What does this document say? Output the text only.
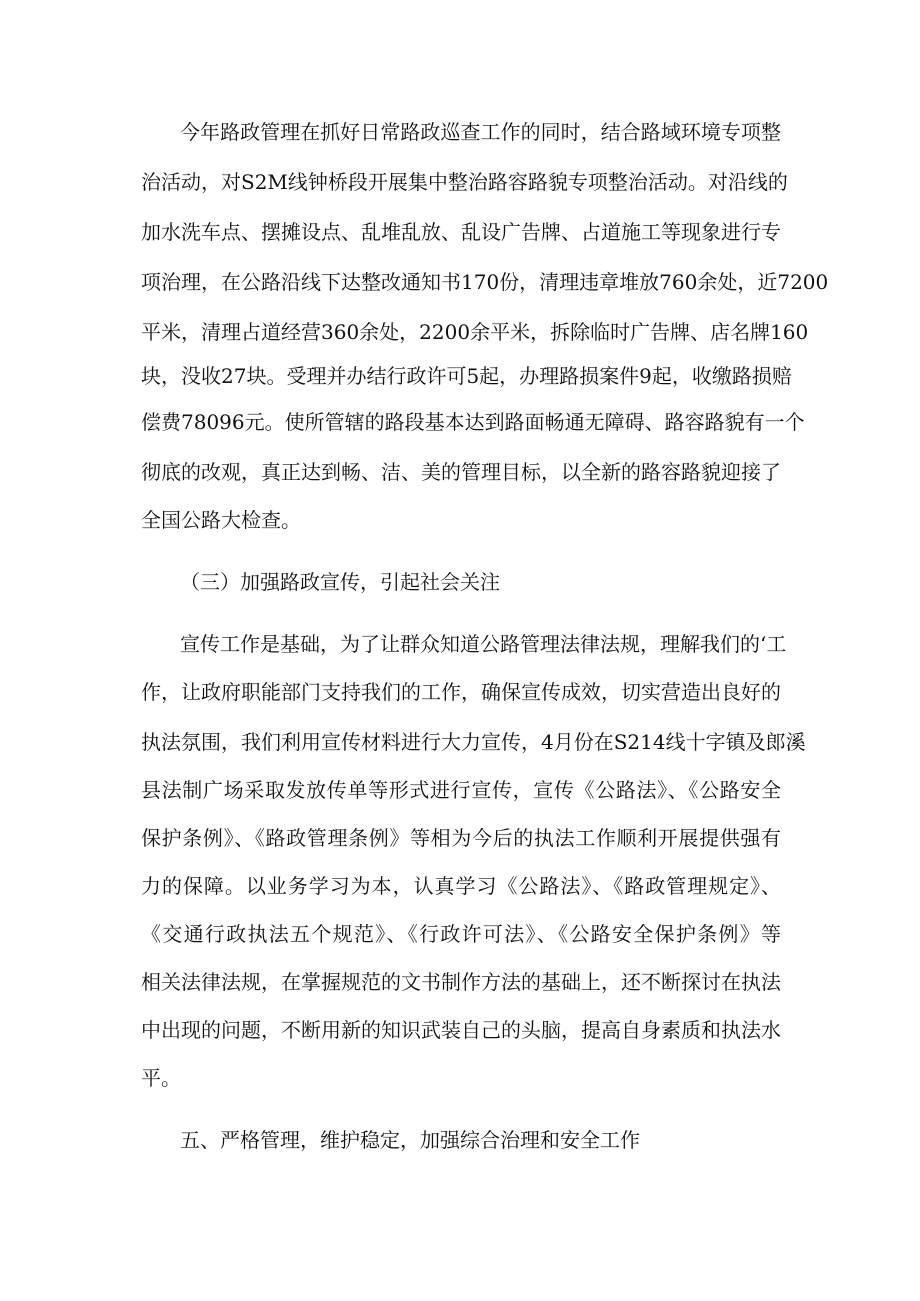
今年路政管理在抓好日常路政巡查工作的同时，结合路域环境专项整
治活动，对S2M线钟桥段开展集中整治路容路貌专项整治活动。对沿线的
加水洗车点、摆摊设点、乱堆乱放、乱设广告牌、占道施工等现象进行专
项治理，在公路沿线下达整改通知书170份，清理违章堆放760余处，近7200
平米，清理占道经营360余处，2200余平米，拆除临时广告牌、店名牌160
块，没收27块。受理并办结行政许可5起，办理路损案件9起，收缴路损赔
偿费78096元。使所管辖的路段基本达到路面畅通无障碍、路容路貌有一个
彻底的改观，真正达到畅、洁、美的管理目标，以全新的路容路貌迎接了
全国公路大检查。
（三）加强路政宣传，引起社会关注
宣传工作是基础，为了让群众知道公路管理法律法规，理解我们的‘工
作，让政府职能部门支持我们的工作，确保宣传成效，切实营造出良好的
执法氛围，我们利用宣传材料进行大力宣传，4月份在S214线十字镇及郎溪
县法制广场采取发放传单等形式进行宣传，宣传《公路法》、《公路安全
保护条例》、《路政管理条例》等相为今后的执法工作顺利开展提供强有
力的保障。以业务学习为本，认真学习《公路法》、《路政管理规定》、
《交通行政执法五个规范》、《行政许可法》、《公路安全保护条例》等
相关法律法规，在掌握规范的文书制作方法的基础上，还不断探讨在执法
中出现的问题，不断用新的知识武装自己的头脑，提高自身素质和执法水
平。
五、严格管理，维护稳定，加强综合治理和安全工作
